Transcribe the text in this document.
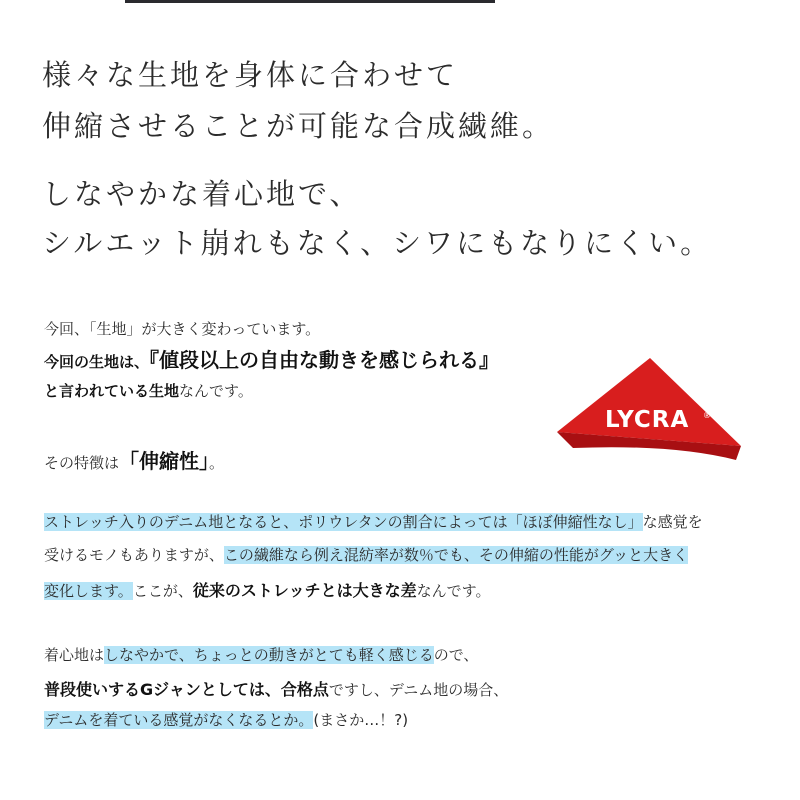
様々な生地を身体に合わせて
伸縮させることが可能な合成繊維。
しなやかな着心地で、
シルエット崩れもなく、シワにもなりにくい。
今回、「生地」が大きく変わっています。
今回の生地は、『値段以上の自由な動きを感じられる』
と言われている生地なんです。
その特徴は「伸縮性」。
ストレッチ入りのデニム地となると、ポリウレタンの割合によっては「ほぼ伸縮性なし」な感覚を
受けるモノもありますが、この繊維なら例え混紡率が数％でも、その伸縮の性能がグッと大きく
変化します。ここが、従来のストレッチとは大きな差なんです。
着心地はしなやかで、ちょっとの動きがとても軽く感じるので、
普段使いするGジャンとしては、合格点ですし、デニム地の場合、
デニムを着ている感覚がなくなるとか。(まさか…！?)
LYCRA ®
